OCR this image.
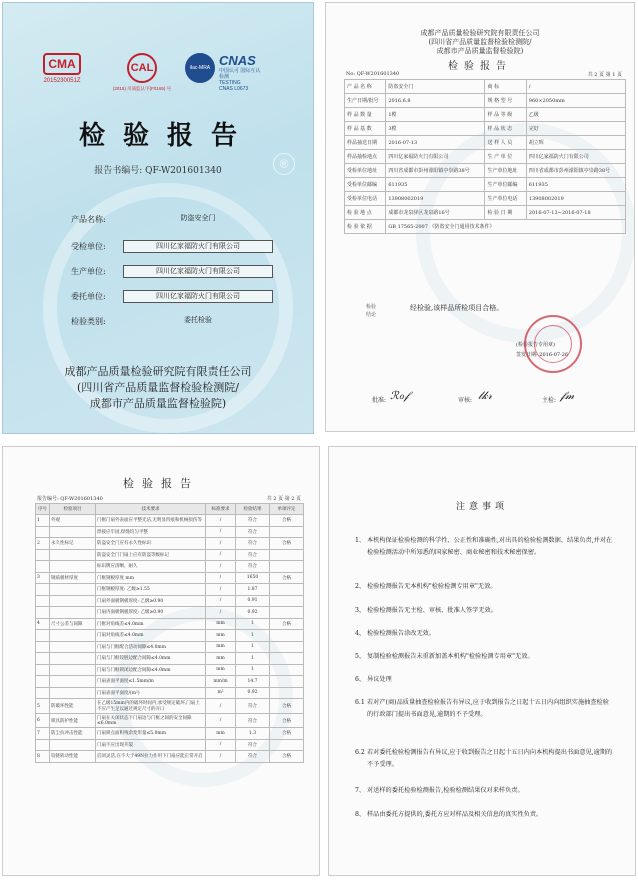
®
CMA
2015230051Z
CAL
(2015) 川质监认字(F0165) 号
ilac-MRA CNAS
中国认可 国际互认 检测
TESTING
CNAS L0673
检验报告
报告书编号: QF-W201601340
产品名称:	防盗安全门
受检单位:	四川亿家福防火门有限公司
生产单位:	四川亿家福防火门有限公司
委托单位:	四川亿家福防火门有限公司
检验类别:	委托检验
成都产品质量检验研究院有限责任公司
(四川省产品质量监督检验检测院/
成都市产品质量监督检验院)
成都产品质量检验研究院有限责任公司
(四川省产品质量监督检验检测院/
成都市产品质量监督检验院)
检验报告
No: QF-W201601340	共 2 页 第 1 页
产 品 名 称	防盗安全门	商 标	/
生产日期/批号	2016.6.8	规 格 型 号	960×2050mm
样 品 数 量	1樘	样 品 等 级	乙级
样 品 基 数	3樘	样 品 状 态	完好
样品抽送日期	2016-07-13	送 样 人 员	胡立辉
样品抽检地点	四川亿家福防火门有限公司	生 产 单 位	四川亿家福防火门有限公司
受检单位地址	四川省成都市彭州濛阳镇亭崇路38号	生产单位地址	四川省成都市彭州濛阳镇亭崇路38号
受检单位邮编	611935	生产单位邮编	611935
受检单位电话	13908002019	生产单位电话	13908002019
检 验 地 点	成都市龙泉驿区龙泉路16号	检 验 日 期	2016-07-13~2016-07-18
检 验 依 据	GB 17565-2007 《防盗安全门通用技术条件》		
检验结论
经检验,该样品所检项目合格。
(检验报告专用章)
签发日期: 2016-07-26
批准: ℛℴ𝒻	审核: 𝓁𝓀𝓇	主检: 𝒻𝓂
检验报告
报告编号: QF-W201601340	共 2 页 第 2 页
序号	检验项目	技术要求	标准要求	检验结果	单项评定
1	外观	门框门扇外表面应平整光洁,无明显凹痕和机械损伤等	/	符合	合格
		焊接应牢固,焊缝均匀平整	/	符合	
2	永久性标记	防盗安全门应有永久性标识	/	符合	合格
		防盗安全门门扇上应有防盗等级标记	/	符合	
		标识牌应清晰、耐久	/	符合	
3	钢质板材厚度	门框钢板厚度 mm	/	1650	合格
		门框钢板厚度: 乙级≥1.55	/	1.87	
		门扇外面板钢板厚度: 乙级≥0.90	/	0.91	
		门扇内面板钢板厚度: 乙级≥0.90	/	0.92	
4	尺寸公差与间隙	门框对角线差≤4.0mm	mm	1	合格
		门扇对角线差≤4.0mm	mm	1	
		门扇与门框配合活动间隙≤4.0mm	mm	1	
		门扇与门框铰链边配合间隙≤4.0mm	mm	1	
		门扇与门框锁闭边配合间隙≤4.0mm	mm	1	
		门扇表面平面度≤1.5mm/m	mm/m	14.7	
		门扇表面平面度/(m²)	m²	0.92	
5	防破坏性能	在乙级15min内的破坏时间内,承受规定破坏,门扇上不应产生足以通过规定尺寸的开口	/	符合	合格
6	锁具防护性能	门扇在关闭状态下门扇边与门框之间的安全间隙≤6.0mm	/	符合	合格
7	防尘抗冲击性能	门扇锁点面积残余变形量≤5.0mm	mm	1.3	合格
		门扇不应出现开裂	/	符合	
8	铰链转动性能	启闭灵活,在不大于49N拉力作用下门扇应能正常开启	/	符合	合格
注意事项
1、 本机构保证检验检测的科学性、公正性和准确性,对出具的检验检测数据、结果负责,并对在检验检测活动中所知悉的国家秘密、商业秘密和技术秘密保密。
2、 检验检测报告无本机构"检验检测专用章"无效。
3、 检验检测报告无主检、审核、批准人签字无效。
4、 检验检测报告涂改无效。
5、 复制检验检测报告未重新加盖本机构"检验检测专用章"无效。
6、 异议处理
6.1 若对产(商)品质量抽查检验报告有异议,应于收到报告之日起十五日内向组织实施抽查检验的行政部门提出书面意见,逾期的不予受理。
6.2 若对委托检验检测报告有异议,应于收到报告之日起十五日内向本机构提出书面意见,逾期的不予受理。
7、 对送样的委托检验检测报告,检验检测结果仅对来样负责。
8、 样品由委托方提供的,委托方应对样品及相关信息的真实性负责。
